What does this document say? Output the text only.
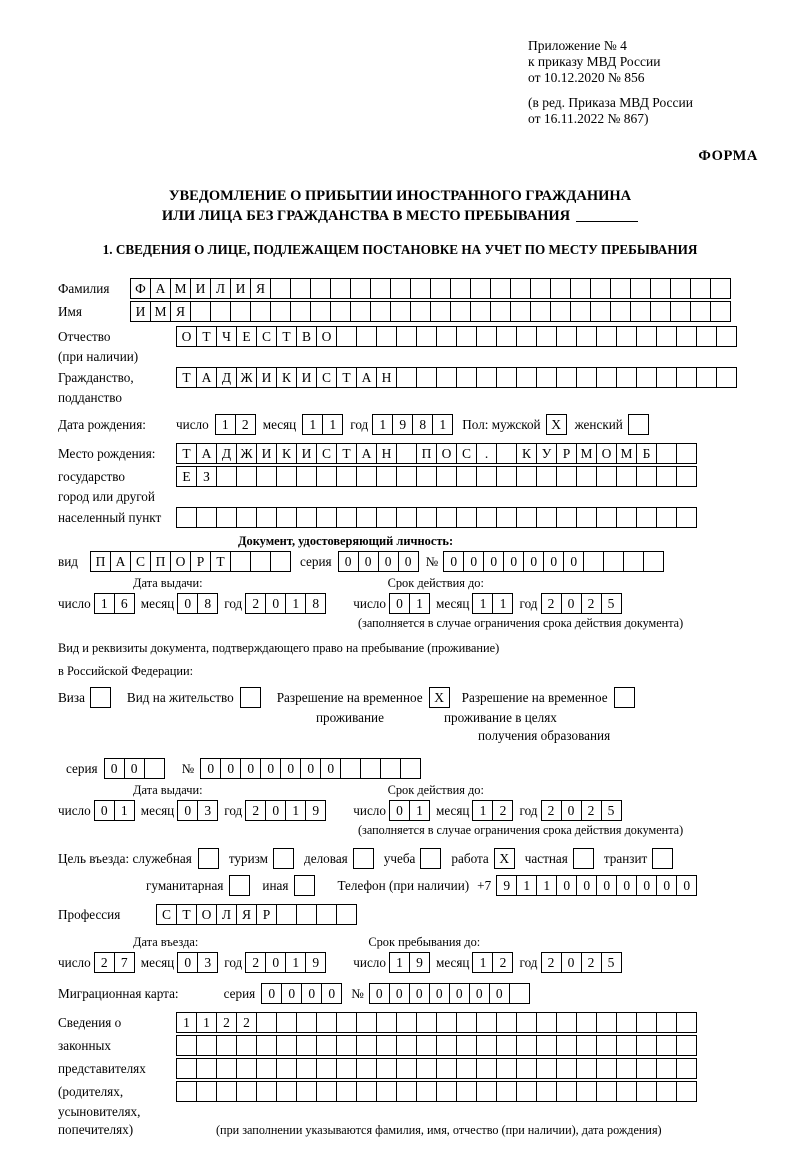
Приложение № 4
к приказу МВД России
от 10.12.2020 № 856
(в ред. Приказа МВД России
от 16.11.2022 № 867)
ФОРМА
УВЕДОМЛЕНИЕ О ПРИБЫТИИ ИНОСТРАННОГО ГРАЖДАНИНА
ИЛИ ЛИЦА БЕЗ ГРАЖДАНСТВА В МЕСТО ПРЕБЫВАНИЯ
1. СВЕДЕНИЯ О ЛИЦЕ, ПОДЛЕЖАЩЕМ ПОСТАНОВКЕ НА УЧЕТ ПО МЕСТУ ПРЕБЫВАНИЯ
Фамилия	Ф А М И Л И Я
Имя	И М Я
Отчество	О Т Ч Е С Т В О
(при наличии)
Гражданство,	Т А Д Ж И К И С Т А Н
подданство
Дата рождения:	число 1 2	месяц 1 1	год 1 9 8 1	Пол: мужской Х	женский
Место рождения:	Т А Д Ж И К И С Т А Н	П О С	.	К У Р М О М Б
государство	Е З
город или другой
населенный пункт
Документ, удостоверяющий личность:
вид	П А С П О Р Т	серия 0 0 0 0	№ 0 0 0 0 0 0 0
Дата выдачи:	Срок действия до:
число 1 6 месяц 0 8 год 2 0 1 8	число 0 1 месяц 1 1 год 2 0 2 5
(заполняется в случае ограничения срока действия документа)
Вид и реквизиты документа, подтверждающего право на пребывание (проживание)
в Российской Федерации:
Виза	Вид на жительство	Разрешение на временное Х	Разрешение на временное
проживание	проживание в целях
получения образования
серия 0 0	№ 0 0 0 0 0 0 0
Дата выдачи:	Срок действия до:
число 0 1 месяц 0 3 год 2 0 1 9	число 0 1 месяц 1 2 год 2 0 2 5
(заполняется в случае ограничения срока действия документа)
Цель въезда: служебная	туризм	деловая	учеба	работа Х	частная	транзит
гуманитарная	иная	Телефон (при наличии) +7 9 1 1 0 0 0 0 0 0 0
Профессия	С Т О Л Я Р
Дата въезда:	Срок пребывания до:
число 2 7 месяц 0 3 год 2 0 1 9	число 1 9 месяц 1 2 год 2 0 2 5
Миграционная карта:	серия 0 0 0 0	№ 0 0 0 0 0 0 0
Сведения о	1 1 2 2
законных
представителях
(родителях,
усыновителях,
попечителях)	(при заполнении указываются фамилия, имя, отчество (при наличии), дата рождения)
